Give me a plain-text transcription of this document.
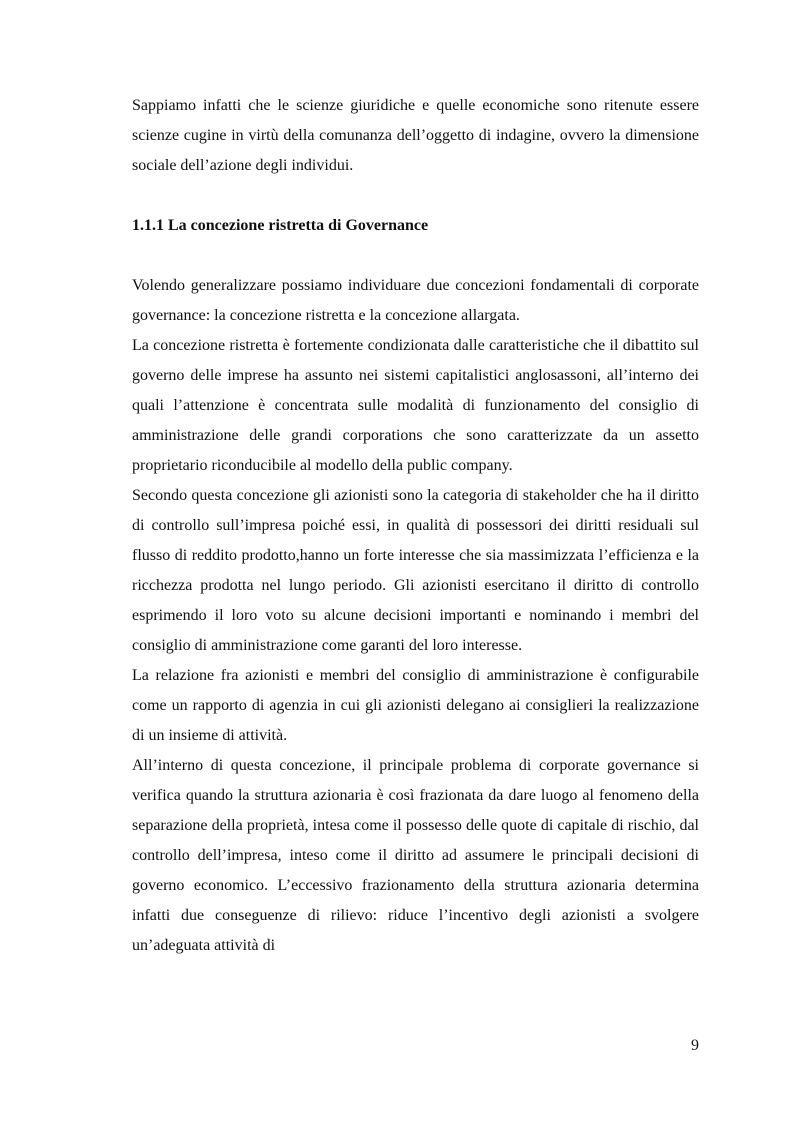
Sappiamo infatti che le scienze giuridiche e quelle economiche sono ritenute essere scienze cugine in virtù della comunanza dell’oggetto di indagine, ovvero la dimensione sociale dell’azione degli individui.

1.1.1 La concezione ristretta di Governance

Volendo generalizzare possiamo individuare due concezioni fondamentali di corporate governance: la concezione ristretta e la concezione allargata.

La concezione ristretta è fortemente condizionata dalle caratteristiche che il dibattito sul governo delle imprese ha assunto nei sistemi capitalistici anglosassoni, all’interno dei quali l’attenzione è concentrata sulle modalità di funzionamento del consiglio di amministrazione delle grandi corporations che sono caratterizzate da un assetto proprietario riconducibile al modello della public company.

Secondo questa concezione gli azionisti sono la categoria di stakeholder che ha il diritto di controllo sull’impresa poiché essi, in qualità di possessori dei diritti residuali sul flusso di reddito prodotto,hanno un forte interesse che sia massimizzata l’efficienza e la ricchezza prodotta nel lungo periodo. Gli azionisti esercitano il diritto di controllo esprimendo il loro voto su alcune decisioni importanti e nominando i membri del consiglio di amministrazione come garanti del loro interesse.

La relazione fra azionisti e membri del consiglio di amministrazione è configurabile come un rapporto di agenzia in cui gli azionisti delegano ai consiglieri la realizzazione di un insieme di attività.

All’interno di questa concezione, il principale problema di corporate governance si verifica quando la struttura azionaria è così frazionata da dare luogo al fenomeno della separazione della proprietà, intesa come il possesso delle quote di capitale di rischio, dal controllo dell’impresa, inteso come il diritto ad assumere le principali decisioni di governo economico. L’eccessivo frazionamento della struttura azionaria determina infatti due conseguenze di rilievo: riduce l’incentivo degli azionisti a svolgere un’adeguata attività di

9
